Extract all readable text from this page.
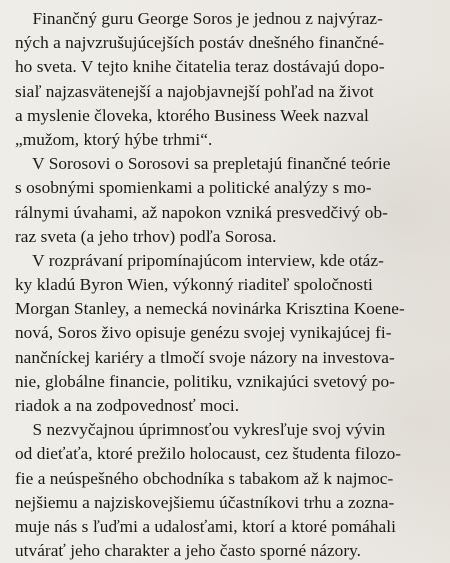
Finančný guru George Soros je jednou z najvýraz-
ných a najvzrušujúcejších postáv dnešného finančné-
ho sveta. V tejto knihe čitatelia teraz dostávajú dopo-
siaľ najzasvätenejší a najobjavnejší pohľad na život
a myslenie človeka, ktorého Business Week nazval
„mužom, ktorý hýbe trhmi“.
V Sorosovi o Sorosovi sa prepletajú finančné teórie
s osobnými spomienkami a politické analýzy s mo-
rálnymi úvahami, až napokon vzniká presvedčivý ob-
raz sveta (a jeho trhov) podľa Sorosa.
V rozprávaní pripomínajúcom interview, kde otáz-
ky kladú Byron Wien, výkonný riaditeľ spoločnosti
Morgan Stanley, a nemecká novinárka Krisztina Koene-
nová, Soros živo opisuje genézu svojej vynikajúcej fi-
nančníckej kariéry a tlmočí svoje názory na investova-
nie, globálne financie, politiku, vznikajúci svetový po-
riadok a na zodpovednosť moci.
S nezvyčajnou úprimnosťou vykresľuje svoj vývin
od dieťaťa, ktoré prežilo holocaust, cez študenta filozo-
fie a neúspešného obchodníka s tabakom až k najmoc-
nejšiemu a najziskovejšiemu účastníkovi trhu a zozna-
muje nás s ľuďmi a udalosťami, ktorí a ktoré pomáhali
utvárať jeho charakter a jeho často sporné názory.
